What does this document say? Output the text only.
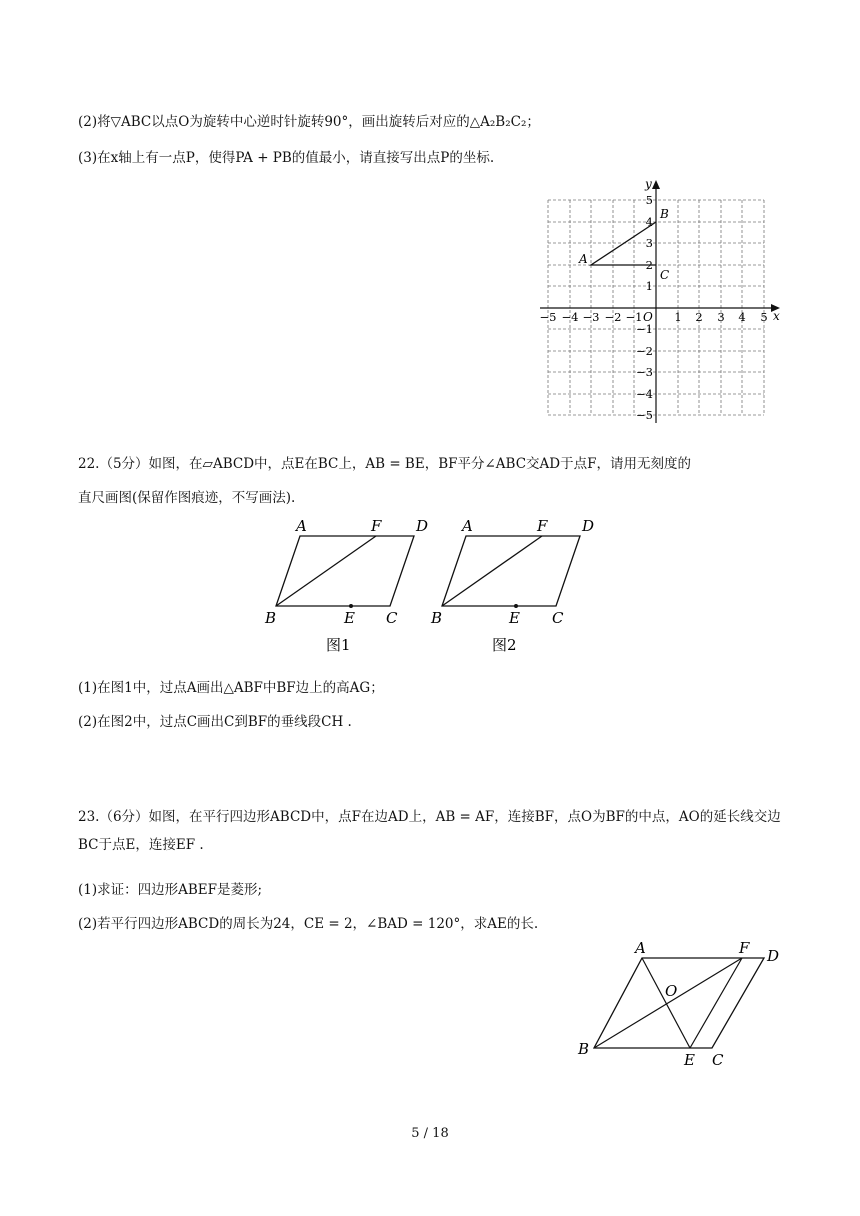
(2)将▽ABC以点O为旋转中心逆时针旋转90°，画出旋转后对应的△A₂B₂C₂；
(3)在x轴上有一点P，使得PA + PB的值最小，请直接写出点P的坐标.
x
y
−5 −4 −3 −2 −1	1 2 3 4 5
O
1
2
3
4
5
−1
−2
−3
−4
−5
A
B
C
22.（5分）如图，在▱ABCD中，点E在BC上，AB = BE，BF平分∠ABC交AD于点F，请用无刻度的
直尺画图(保留作图痕迹，不写画法).
A	F D
B	E C
图1
A	F D
B	E C
图2
(1)在图1中，过点A画出△ABF中BF边上的高AG；
(2)在图2中，过点C画出C到BF的垂线段CH .
23.（6分）如图，在平行四边形ABCD中，点F在边AD上，AB = AF，连接BF，点O为BF的中点，AO的延长线交边BC于点E，连接EF .
(1)求证：四边形ABEF是菱形;
(2)若平行四边形ABCD的周长为24，CE = 2，∠BAD = 120°，求AE的长.
A	F D
O
B
E C
5 / 18
